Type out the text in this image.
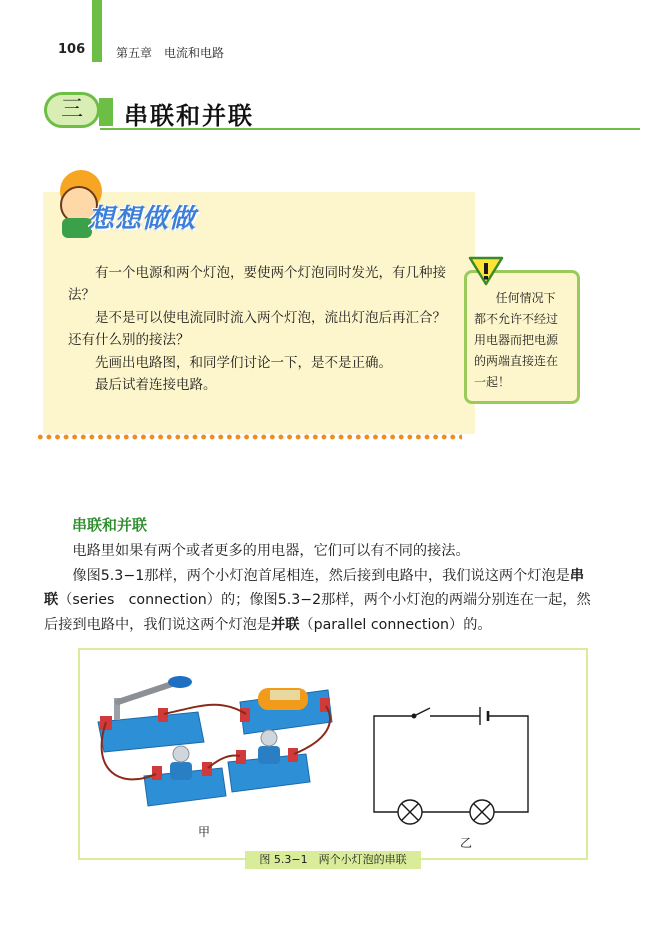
106	第五章　电流和电路
三	串联和并联
想想做做

有一个电源和两个灯泡，要使两个灯泡同时发光，有几种接法？

是不是可以使电流同时流入两个灯泡，流出灯泡后再汇合？还有什么别的接法？

先画出电路图，和同学们讨论一下，是不是正确。

最后试着连接电路。

任何情况下
都不允许不经过
用电器而把电源
的两端直接连在
一起！
串联和并联

电路里如果有两个或者更多的用电器，它们可以有不同的接法。

像图5.3−1那样，两个小灯泡首尾相连，然后接到电路中，我们说这两个灯泡是串联（series　connection）的；像图5.3−2那样，两个小灯泡的两端分别连在一起，然后接到电路中，我们说这两个灯泡是并联（parallel connection）的。

甲
乙
图 5.3−1　两个小灯泡的串联
